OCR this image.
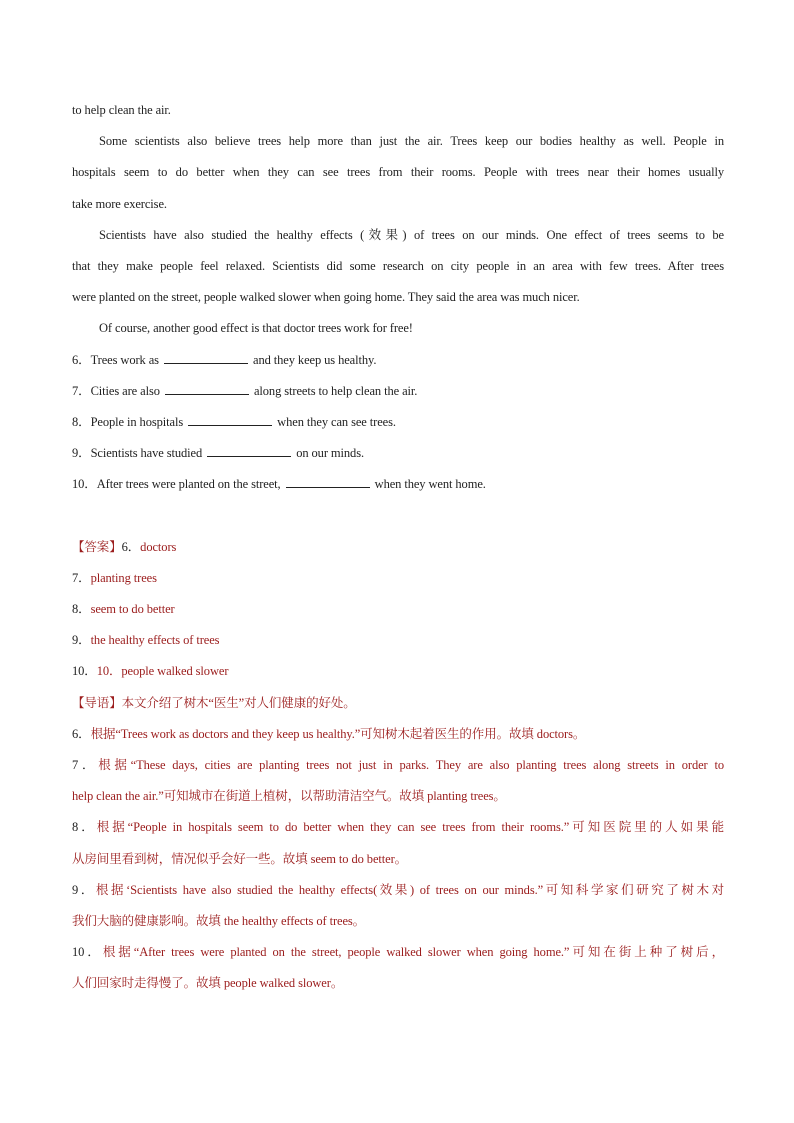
to help clean the air.
Some scientists also believe trees help more than just the air. Trees keep our bodies healthy as well. People in
hospitals seem to do better when they can see trees from their rooms. People with trees near their homes usually
take more exercise.
Scientists have also studied the healthy effects (效果) of trees on our minds. One effect of trees seems to be
that they make people feel relaxed. Scientists did some research on city people in an area with few trees. After trees
were planted on the street, people walked slower when going home. They said the area was much nicer.
Of course, another good effect is that doctor trees work for free!
6．Trees work as	and they keep us healthy.
7．Cities are also	along streets to help clean the air.
8．People in hospitals	when they can see trees.
9．Scientists have studied	on our minds.
10．After trees were planted on the street,	when they went home.
【答案】6．doctors
7．planting trees
8．seem to do better
9．the healthy effects of trees
10．10．people walked slower
【导语】本文介绍了树木“医生”对人们健康的好处。
6．根据“Trees work as doctors and they keep us healthy.”可知树木起着医生的作用。故填 doctors。
7．根据“These days, cities are planting trees not just in parks. They are also planting trees along streets in order to
help clean the air.”可知城市在街道上植树，以帮助清洁空气。故填 planting trees。
8．根据“People in hospitals seem to do better when they can see trees from their rooms.”可知医院里的人如果能
从房间里看到树，情况似乎会好一些。故填 seem to do better。
9．根据‘Scientists have also studied the healthy effects(效果) of trees on our minds.”可知科学家们研究了树木对
我们大脑的健康影响。故填 the healthy effects of trees。
10．根据“After trees were planted on the street, people walked slower when going home.”可知在街上种了树后，
人们回家时走得慢了。故填 people walked slower。
